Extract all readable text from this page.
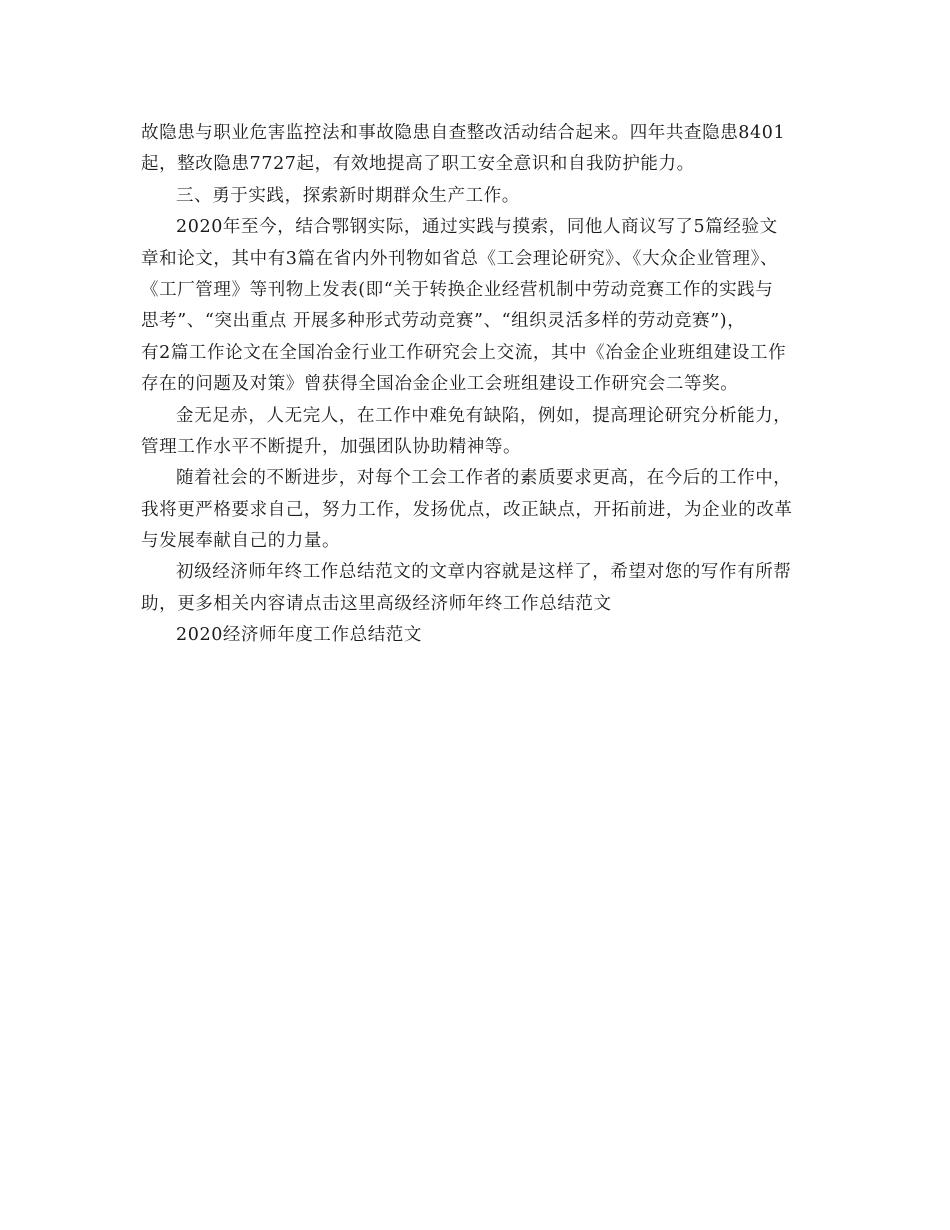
故隐患与职业危害监控法和事故隐患自查整改活动结合起来。四年共查隐患8401
起，整改隐患7727起，有效地提高了职工安全意识和自我防护能力。
三、勇于实践，探索新时期群众生产工作。
2020年至今，结合鄂钢实际，通过实践与摸索，同他人商议写了5篇经验文
章和论文，其中有3篇在省内外刊物如省总《工会理论研究》、《大众企业管理》、
《工厂管理》等刊物上发表(即“关于转换企业经营机制中劳动竞赛工作的实践与
思考”、“突出重点 开展多种形式劳动竞赛”、“组织灵活多样的劳动竞赛”)，
有2篇工作论文在全国冶金行业工作研究会上交流，其中《冶金企业班组建设工作
存在的问题及对策》曾获得全国冶金企业工会班组建设工作研究会二等奖。
金无足赤，人无完人，在工作中难免有缺陷，例如，提高理论研究分析能力，
管理工作水平不断提升，加强团队协助精神等。
随着社会的不断进步，对每个工会工作者的素质要求更高，在今后的工作中，
我将更严格要求自己，努力工作，发扬优点，改正缺点，开拓前进，为企业的改革
与发展奉献自己的力量。
初级经济师年终工作总结范文的文章内容就是这样了，希望对您的写作有所帮
助，更多相关内容请点击这里高级经济师年终工作总结范文
2020经济师年度工作总结范文
